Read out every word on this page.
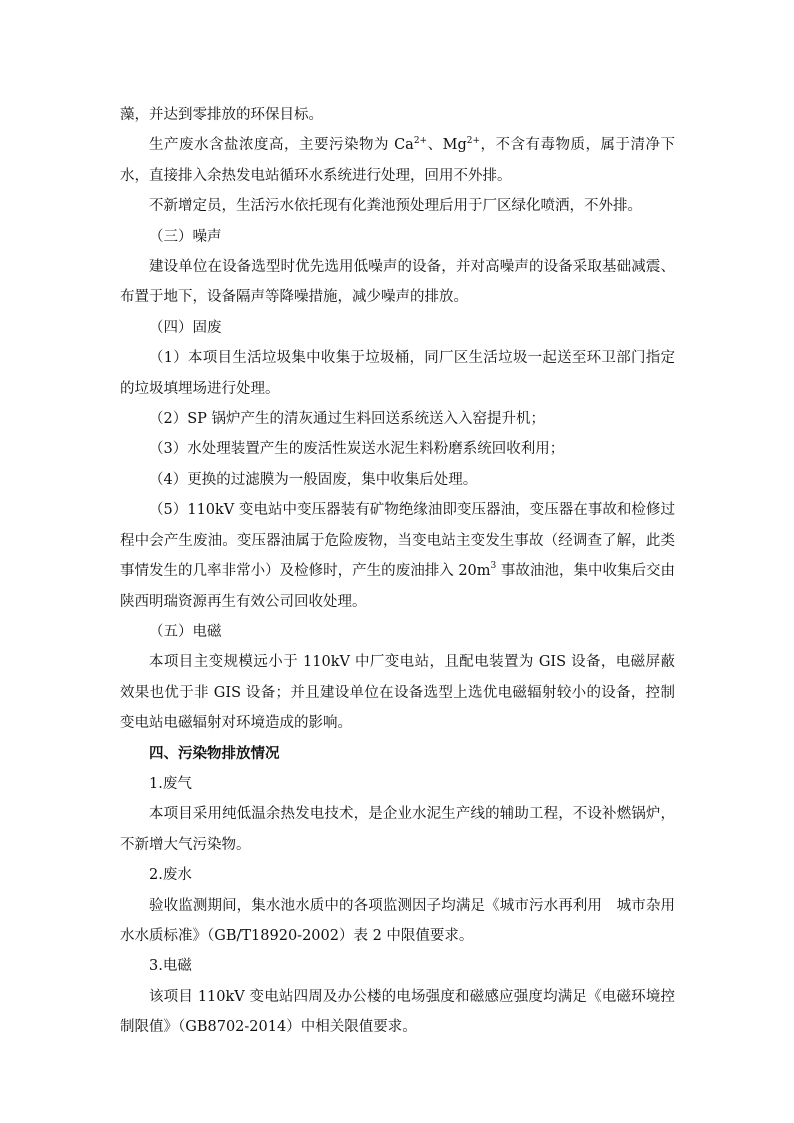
藻，并达到零排放的环保目标。

生产废水含盐浓度高，主要污染物为 $Ca^{2+}$、$Mg^{2+}$，不含有毒物质，属于清净下水，直接排入余热发电站循环水系统进行处理，回用不外排。

不新增定员，生活污水依托现有化粪池预处理后用于厂区绿化喷洒，不外排。

（三）噪声

建设单位在设备选型时优先选用低噪声的设备，并对高噪声的设备采取基础减震、布置于地下，设备隔声等降噪措施，减少噪声的排放。

（四）固废

（1）本项目生活垃圾集中收集于垃圾桶，同厂区生活垃圾一起送至环卫部门指定的垃圾填埋场进行处理。

（2）SP 锅炉产生的清灰通过生料回送系统送入入窑提升机；

（3）水处理装置产生的废活性炭送水泥生料粉磨系统回收利用；

（4）更换的过滤膜为一般固废，集中收集后处理。

（5）110kV 变电站中变压器装有矿物绝缘油即变压器油，变压器在事故和检修过程中会产生废油。变压器油属于危险废物，当变电站主变发生事故（经调查了解，此类事情发生的几率非常小）及检修时，产生的废油排入 $20m^3$ 事故油池，集中收集后交由陕西明瑞资源再生有效公司回收处理。

（五）电磁

本项目主变规模远小于 110kV 中厂变电站，且配电装置为 GIS 设备，电磁屏蔽效果也优于非 GIS 设备；并且建设单位在设备选型上选优电磁辐射较小的设备，控制变电站电磁辐射对环境造成的影响。

四、污染物排放情况

1.废气

本项目采用纯低温余热发电技术，是企业水泥生产线的辅助工程，不设补燃锅炉，不新增大气污染物。

2.废水

验收监测期间，集水池水质中的各项监测因子均满足《城市污水再利用　城市杂用水水质标准》（GB/T18920-2002）表 2 中限值要求。

3.电磁

该项目 110kV 变电站四周及办公楼的电场强度和磁感应强度均满足《电磁环境控制限值》（GB8702-2014）中相关限值要求。
